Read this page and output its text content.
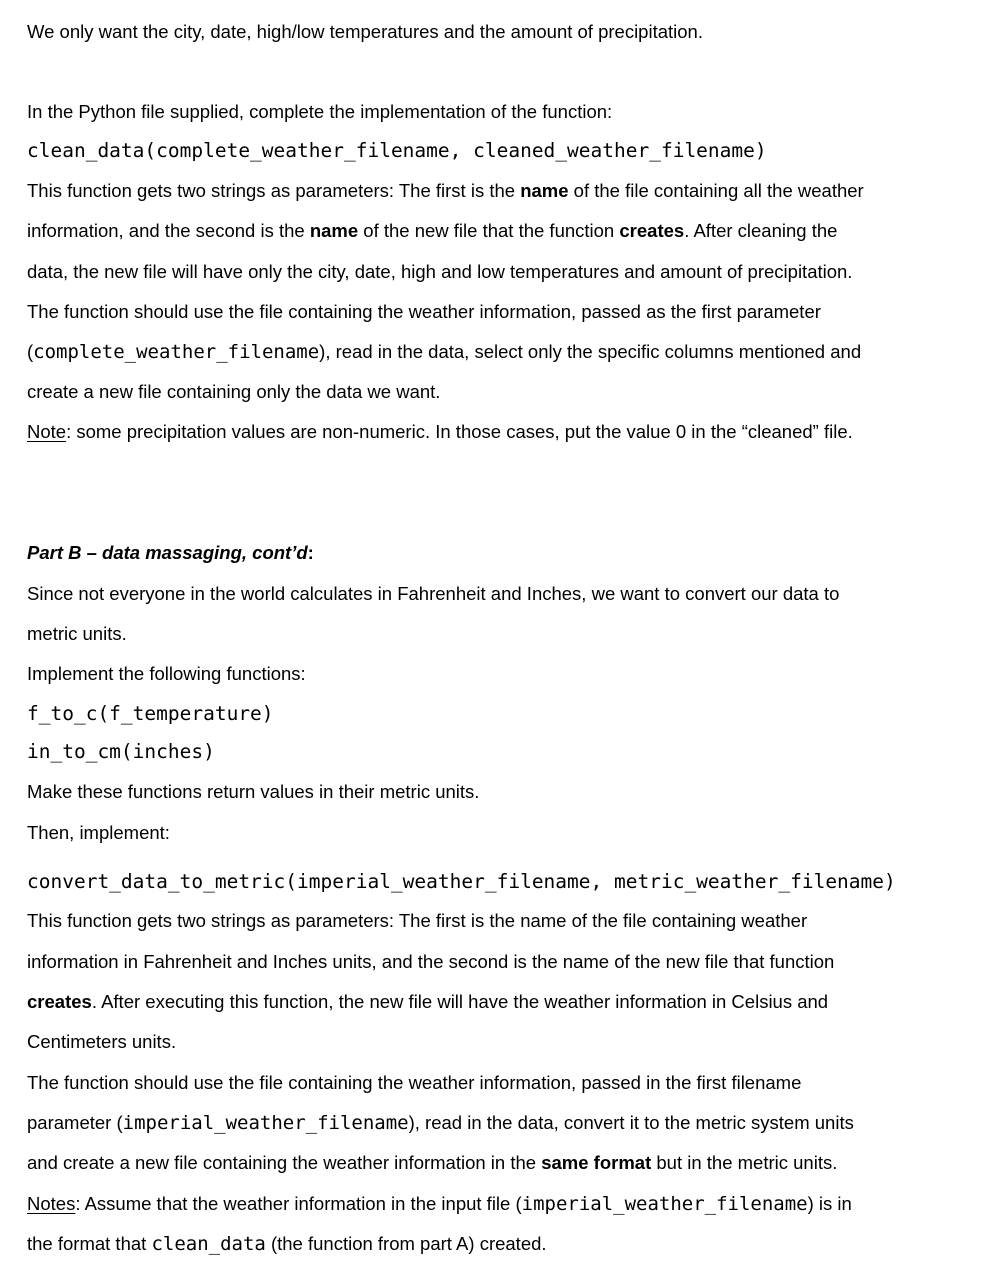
We only want the city, date, high/low temperatures and the amount of precipitation.
In the Python file supplied, complete the implementation of the function:
clean_data(complete_weather_filename, cleaned_weather_filename)
This function gets two strings as parameters: The first is the name of the file containing all the weather
information, and the second is the name of the new file that the function creates. After cleaning the
data, the new file will have only the city, date, high and low temperatures and amount of precipitation.
The function should use the file containing the weather information, passed as the first parameter
(complete_weather_filename), read in the data, select only the specific columns mentioned and
create a new file containing only the data we want.
Note: some precipitation values are non-numeric. In those cases, put the value 0 in the “cleaned” file.
Part B – data massaging, cont’d:
Since not everyone in the world calculates in Fahrenheit and Inches, we want to convert our data to
metric units.
Implement the following functions:
f_to_c(f_temperature)
in_to_cm(inches)
Make these functions return values in their metric units.
Then, implement:
convert_data_to_metric(imperial_weather_filename, metric_weather_filename)
This function gets two strings as parameters: The first is the name of the file containing weather
information in Fahrenheit and Inches units, and the second is the name of the new file that function
creates. After executing this function, the new file will have the weather information in Celsius and
Centimeters units.
The function should use the file containing the weather information, passed in the first filename
parameter (imperial_weather_filename), read in the data, convert it to the metric system units
and create a new file containing the weather information in the same format but in the metric units.
Notes: Assume that the weather information in the input file (imperial_weather_filename) is in
the format that clean_data (the function from part A) created.
